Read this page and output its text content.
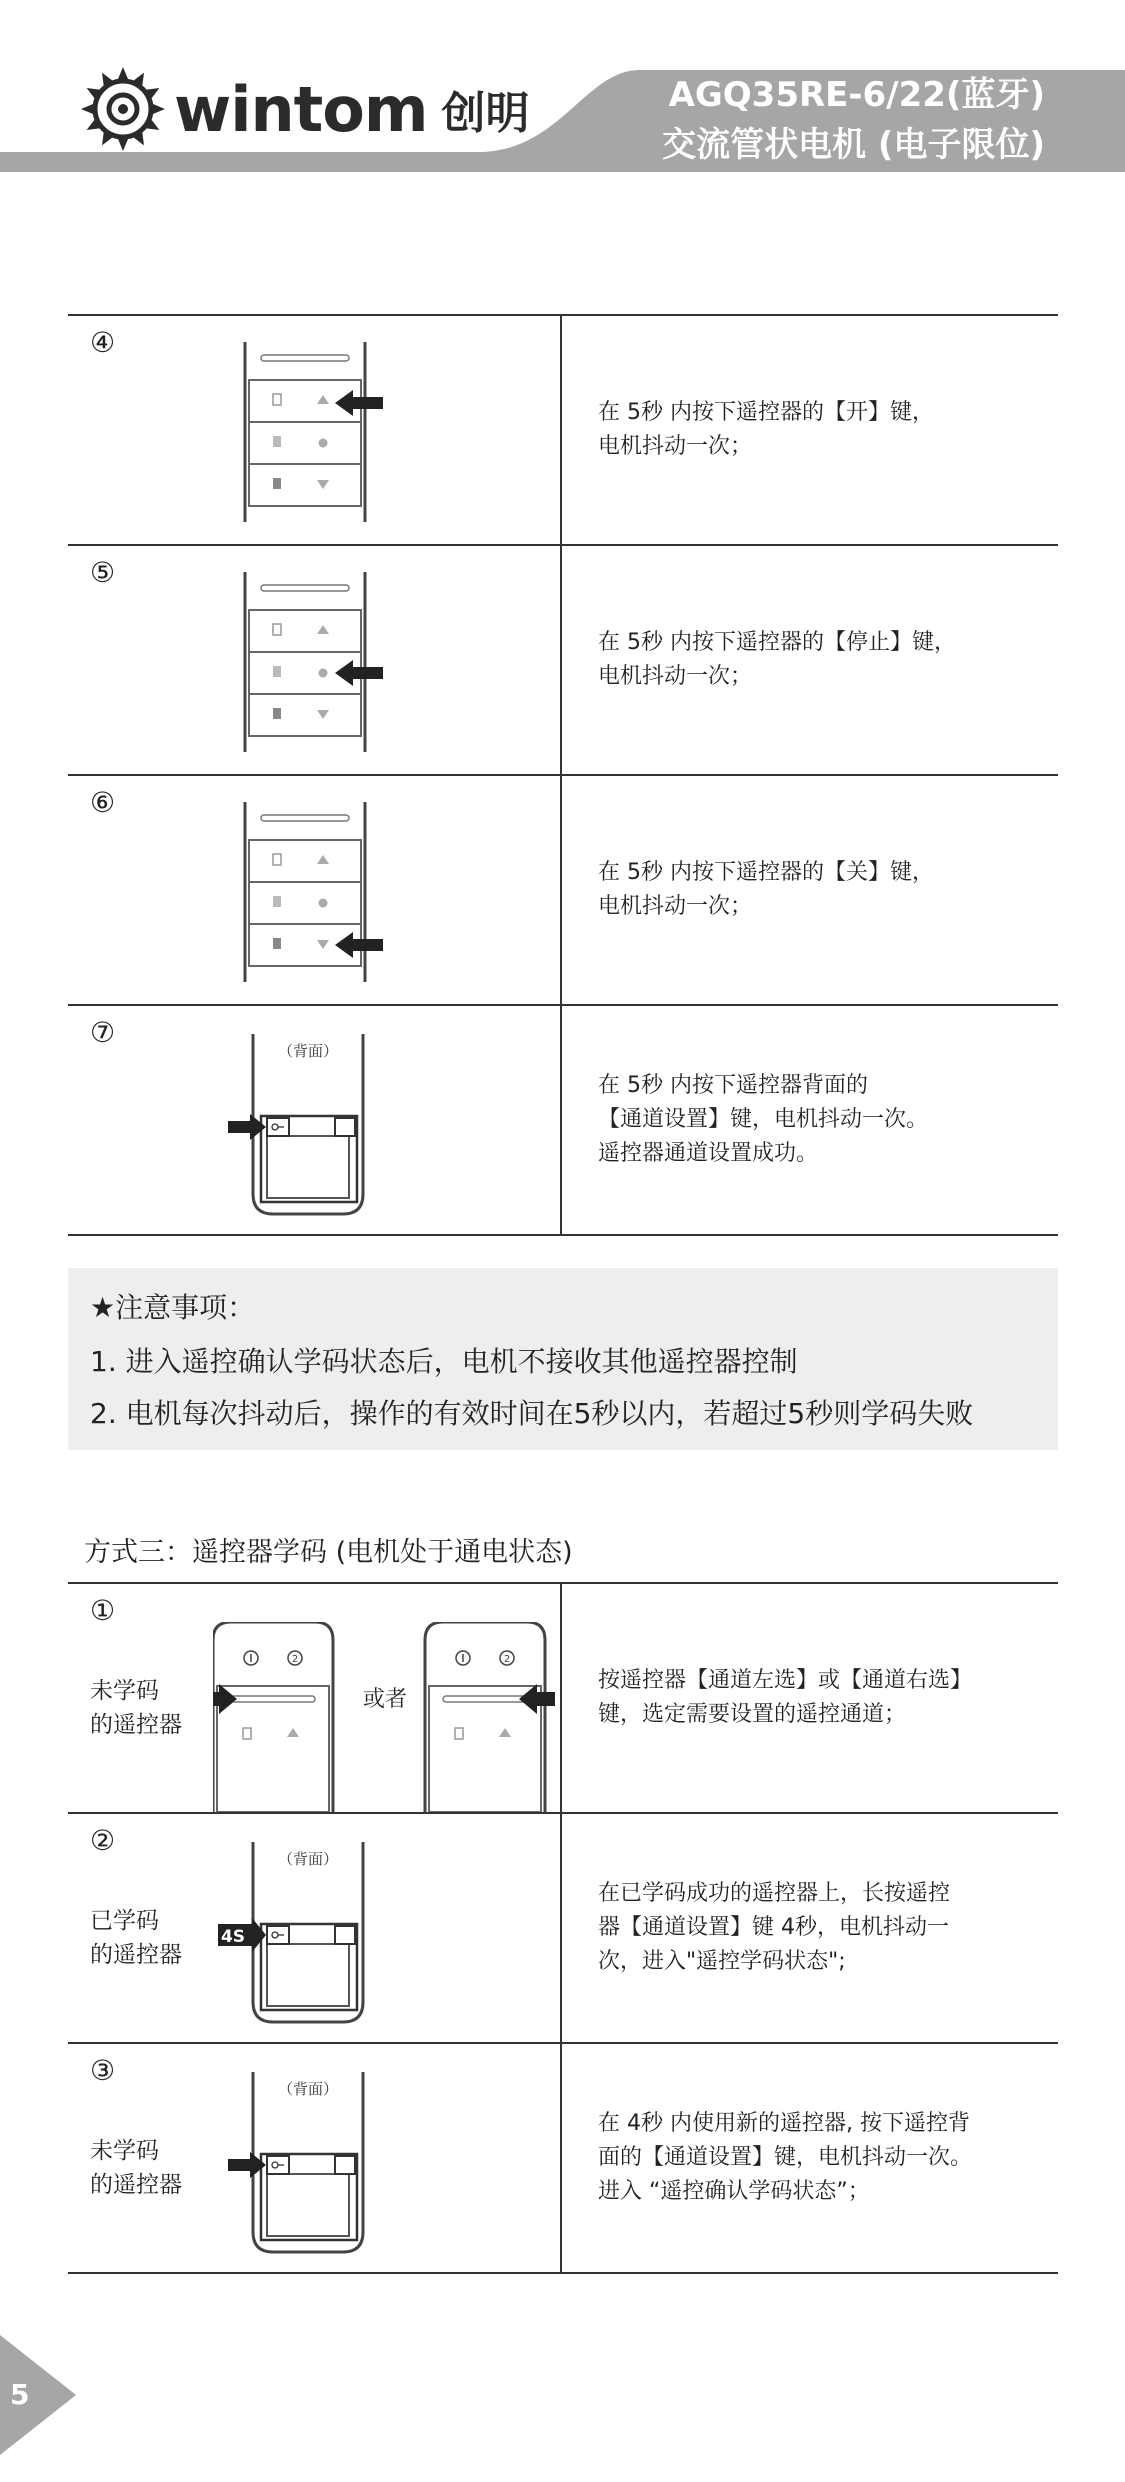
wintom 创明	AGQ35RE-6/22(蓝牙)
交流管状电机 (电子限位)
④
在 5秒 内按下遥控器的【开】键，
电机抖动一次；
⑤
在 5秒 内按下遥控器的【停止】键，
电机抖动一次；
⑥
在 5秒 内按下遥控器的【关】键，
电机抖动一次；
⑦
（背面）
在 5秒 内按下遥控器背面的
【通道设置】键，电机抖动一次。
遥控器通道设置成功。
★注意事项：
1. 进入遥控确认学码状态后，电机不接收其他遥控器控制
2. 电机每次抖动后，操作的有效时间在5秒以内，若超过5秒则学码失败
方式三：遥控器学码 (电机处于通电状态)
①
未学码
的遥控器
2
或者
2
按遥控器【通道左选】或【通道右选】
键，选定需要设置的遥控通道；
②
已学码
的遥控器
（背面）
4S
在已学码成功的遥控器上，长按遥控
器【通道设置】键 4秒，电机抖动一
次，进入"遥控学码状态";
③
未学码
的遥控器
（背面）
在 4秒 内使用新的遥控器, 按下遥控背
面的【通道设置】键，电机抖动一次。
进入 “遥控确认学码状态”；
5
